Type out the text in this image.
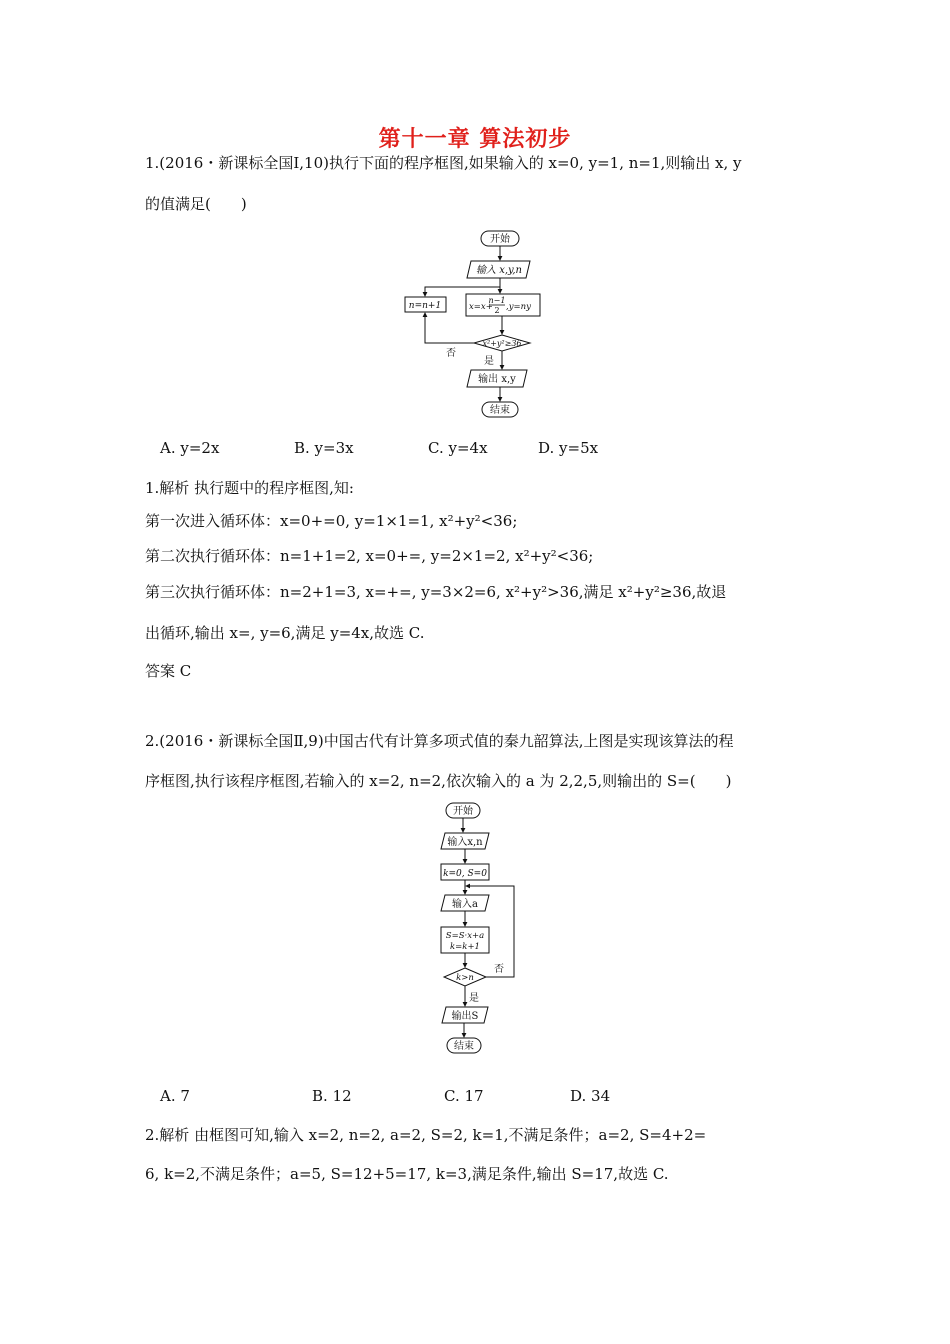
第十一章 算法初步
1.(2016・新课标全国Ⅰ,10)执行下面的程序框图,如果输入的 x=0, y=1, n=1,则输出 x, y
的值满足(　　)
开始
输入 x,y,n
n=n+1	x=x+
n−1
2 ,y=ny
x²+y²≥36
否
是
输出 x,y
结束
A. y=2x	B. y=3x	C. y=4x	D. y=5x
1.解析 执行题中的程序框图,知:
第一次进入循环体：x=0+=0, y=1×1=1, x²+y²<36;
第二次执行循环体：n=1+1=2, x=0+=, y=2×1=2, x²+y²<36;
第三次执行循环体：n=2+1=3, x=+=, y=3×2=6, x²+y²>36,满足 x²+y²≥36,故退
出循环,输出 x=, y=6,满足 y=4x,故选 C.
答案 C
2.(2016・新课标全国Ⅱ,9)中国古代有计算多项式值的秦九韶算法,上图是实现该算法的程
序框图,执行该程序框图,若输入的 x=2, n=2,依次输入的 a 为 2,2,5,则输出的 S=(　　)
开始
输入x,n
k=0, S=0
输入a
S=S·x+a
k=k+1
k>n
否
是
输出S
结束
A. 7	B. 12	C. 17	D. 34
2.解析 由框图可知,输入 x=2, n=2, a=2, S=2, k=1,不满足条件；a=2, S=4+2=
6, k=2,不满足条件；a=5, S=12+5=17, k=3,满足条件,输出 S=17,故选 C.
